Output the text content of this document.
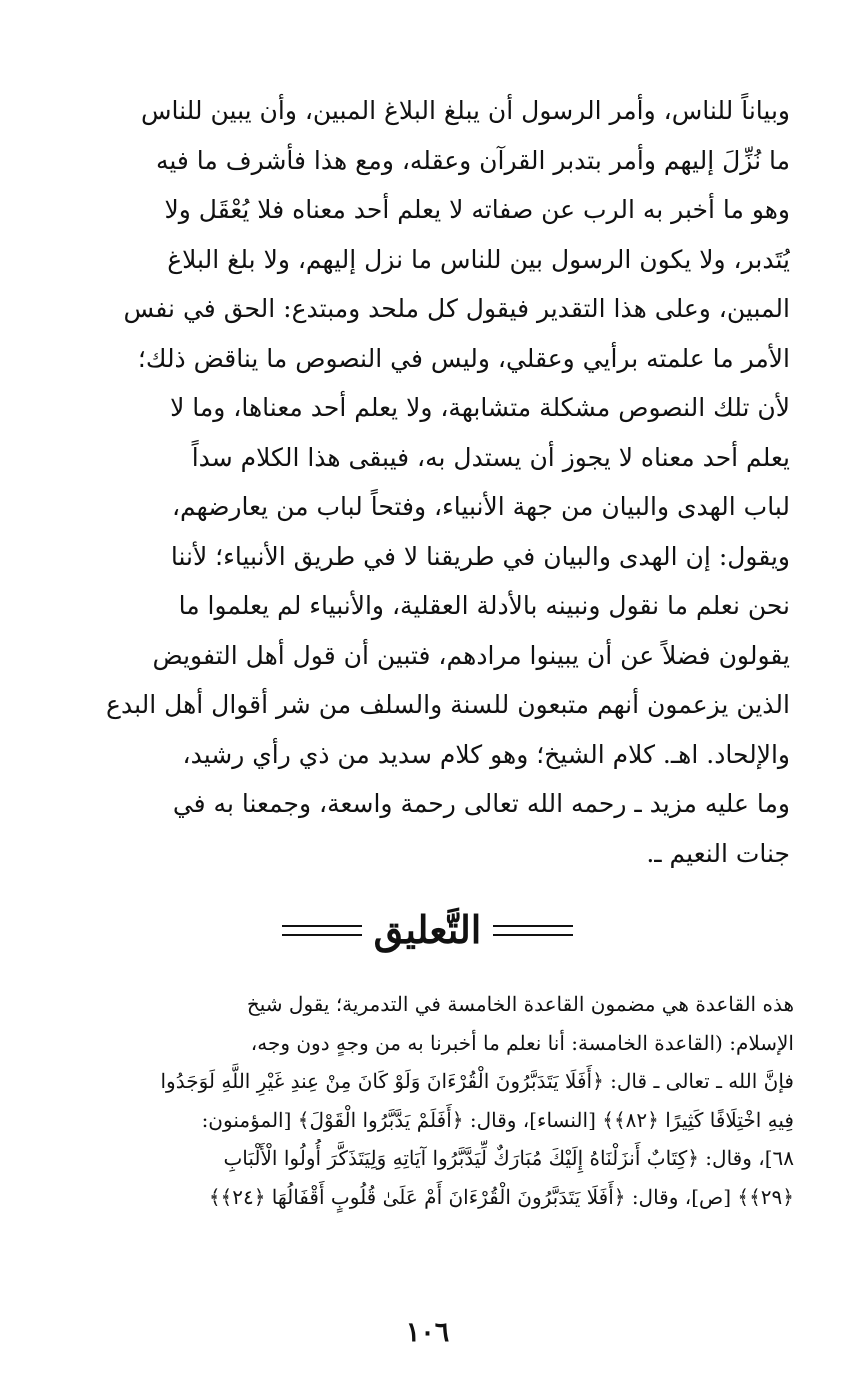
وبياناً للناس، وأمر الرسول أن يبلغ البلاغ المبين، وأن يبين للناس
ما نُزِّلَ إليهم وأمر بتدبر القرآن وعقله، ومع هذا فأشرف ما فيه
وهو ما أخبر به الرب عن صفاته لا يعلم أحد معناه فلا يُعْقَل ولا
يُتَدبر، ولا يكون الرسول بين للناس ما نزل إليهم، ولا بلغ البلاغ
المبين، وعلى هذا التقدير فيقول كل ملحد ومبتدع: الحق في نفس
الأمر ما علمته برأيي وعقلي، وليس في النصوص ما يناقض ذلك؛
لأن تلك النصوص مشكلة متشابهة، ولا يعلم أحد معناها، وما لا
يعلم أحد معناه لا يجوز أن يستدل به، فيبقى هذا الكلام سداً
لباب الهدى والبيان من جهة الأنبياء، وفتحاً لباب من يعارضهم،
ويقول: إن الهدى والبيان في طريقنا لا في طريق الأنبياء؛ لأننا
نحن نعلم ما نقول ونبينه بالأدلة العقلية، والأنبياء لم يعلموا ما
يقولون فضلاً عن أن يبينوا مرادهم، فتبين أن قول أهل التفويض
الذين يزعمون أنهم متبعون للسنة والسلف من شر أقوال أهل البدع
والإلحاد. اهـ. كلام الشيخ؛ وهو كلام سديد من ذي رأي رشيد،
وما عليه مزيد ـ رحمه الله تعالى رحمة واسعة، وجمعنا به في
جنات النعيم ـ.
التَّعليق
هذه القاعدة هي مضمون القاعدة الخامسة في التدمرية؛ يقول شيخ
الإسلام: (القاعدة الخامسة: أنا نعلم ما أخبرنا به من وجهٍ دون وجه،
فإنَّ الله ـ تعالى ـ قال: ﴿أَفَلَا يَتَدَبَّرُونَ الْقُرْءَانَ وَلَوْ كَانَ مِنْ عِندِ غَيْرِ اللَّهِ لَوَجَدُوا
فِيهِ اخْتِلَافًا كَثِيرًا ﴿٨٢﴾﴾ [النساء]، وقال: ﴿أَفَلَمْ يَدَّبَّرُوا الْقَوْلَ﴾ [المؤمنون:
٦٨]، وقال: ﴿كِتَابٌ أَنزَلْنَاهُ إِلَيْكَ مُبَارَكٌ لِّيَدَّبَّرُوا آيَاتِهِ وَلِيَتَذَكَّرَ أُولُوا الْأَلْبَابِ
﴿٢٩﴾﴾ [ص]، وقال: ﴿أَفَلَا يَتَدَبَّرُونَ الْقُرْءَانَ أَمْ عَلَىٰ قُلُوبٍ أَقْفَالُهَا ﴿٢٤﴾﴾
١٠٦
